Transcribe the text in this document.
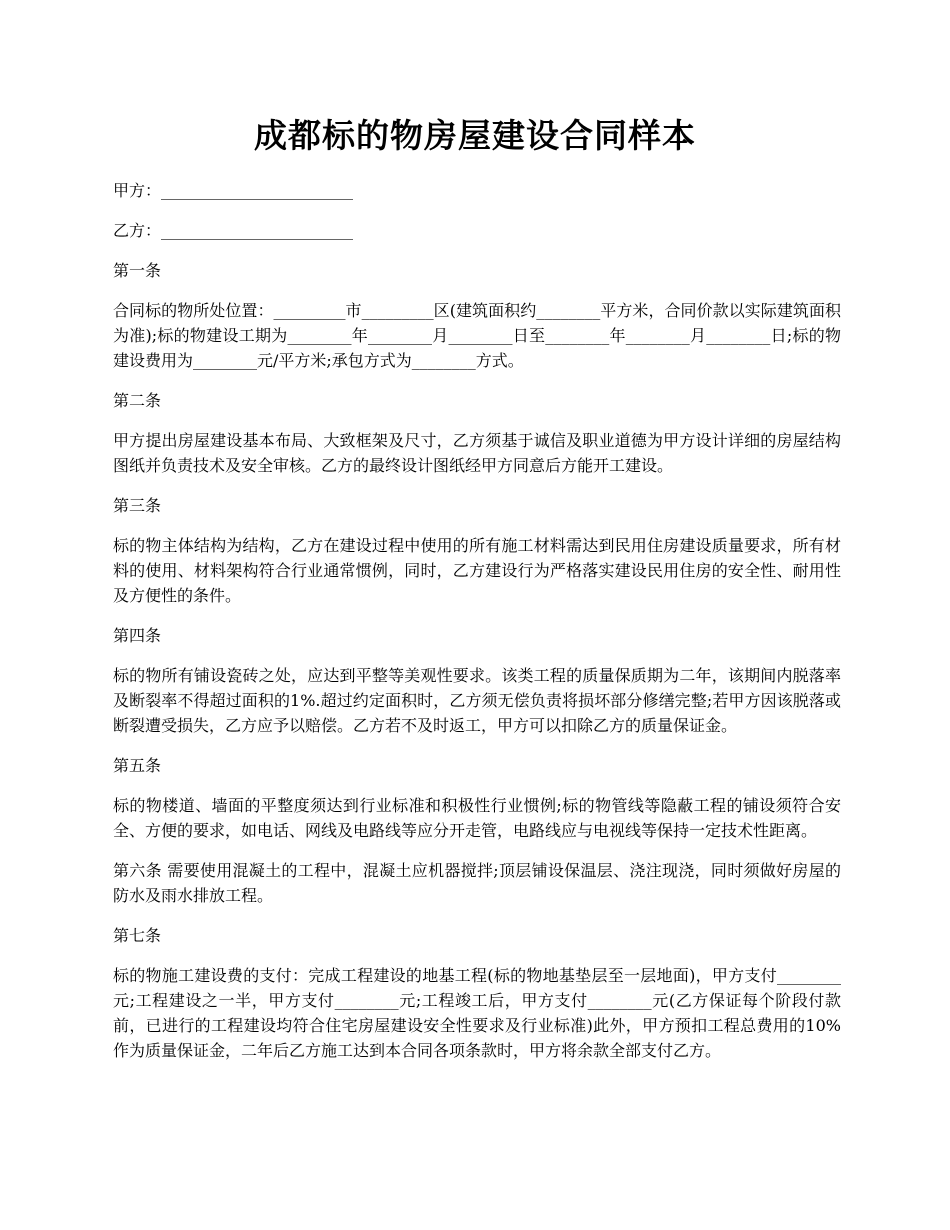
成都标的物房屋建设合同样本

甲方：________________________

乙方：________________________

第一条

合同标的物所处位置：_________市_________区(建筑面积约________平方米，合同价款以实际建筑面积为准);标的物建设工期为________年________月________日至________年________月________日;标的物建设费用为________元/平方米;承包方式为________方式。

第二条

甲方提出房屋建设基本布局、大致框架及尺寸，乙方须基于诚信及职业道德为甲方设计详细的房屋结构图纸并负责技术及安全审核。乙方的最终设计图纸经甲方同意后方能开工建设。

第三条

标的物主体结构为结构，乙方在建设过程中使用的所有施工材料需达到民用住房建设质量要求，所有材料的使用、材料架构符合行业通常惯例，同时，乙方建设行为严格落实建设民用住房的安全性、耐用性及方便性的条件。

第四条

标的物所有铺设瓷砖之处，应达到平整等美观性要求。该类工程的质量保质期为二年，该期间内脱落率及断裂率不得超过面积的1%.超过约定面积时，乙方须无偿负责将损坏部分修缮完整;若甲方因该脱落或断裂遭受损失，乙方应予以赔偿。乙方若不及时返工，甲方可以扣除乙方的质量保证金。

第五条

标的物楼道、墙面的平整度须达到行业标准和积极性行业惯例;标的物管线等隐蔽工程的铺设须符合安全、方便的要求，如电话、网线及电路线等应分开走管，电路线应与电视线等保持一定技术性距离。

第六条 需要使用混凝土的工程中，混凝土应机器搅拌;顶层铺设保温层、浇注现浇，同时须做好房屋的防水及雨水排放工程。

第七条

标的物施工建设费的支付：完成工程建设的地基工程(标的物地基垫层至一层地面)，甲方支付________元;工程建设之一半，甲方支付________元;工程竣工后，甲方支付________元(乙方保证每个阶段付款前，已进行的工程建设均符合住宅房屋建设安全性要求及行业标准)此外，甲方预扣工程总费用的10%作为质量保证金，二年后乙方施工达到本合同各项条款时，甲方将余款全部支付乙方。
